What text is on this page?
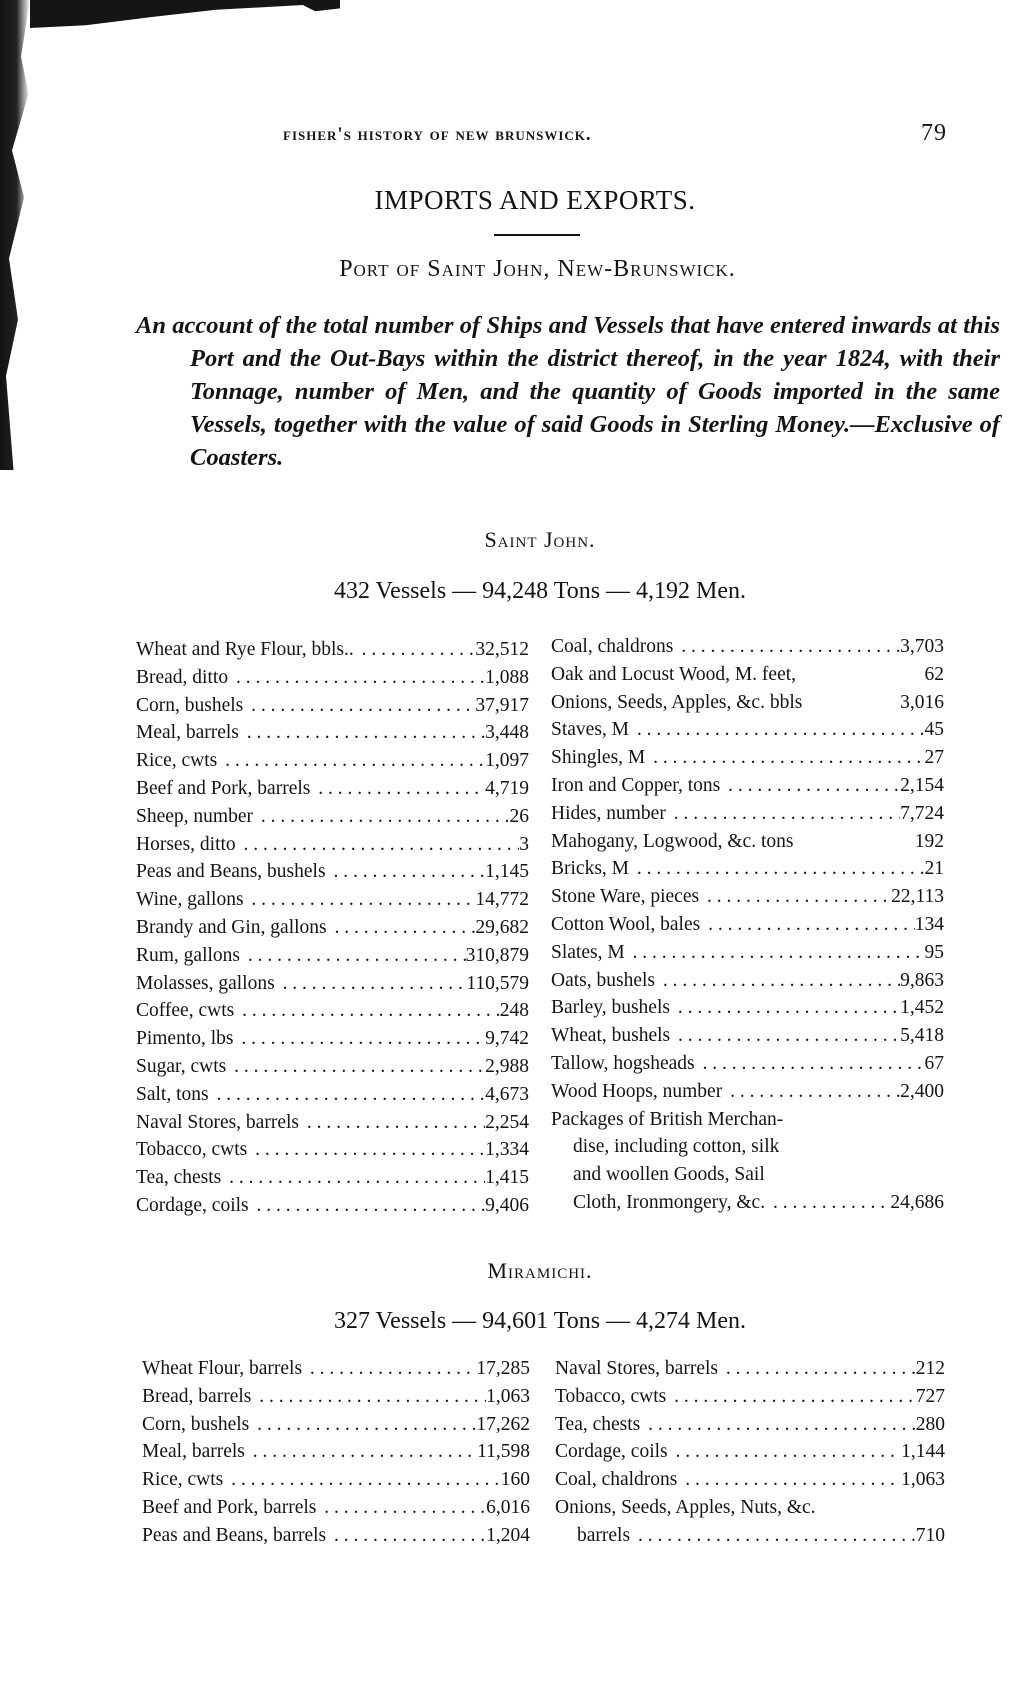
fisher's history of new brunswick.	79
IMPORTS AND EXPORTS.
Port of Saint John, New-Brunswick.
An account of the total number of Ships and Vessels that have entered inwards at this Port and the Out-Bays within the district thereof, in the year 1824, with their Tonnage, number of Men, and the quantity of Goods imported in the same Vessels, together with the value of said Goods in Sterling Money.—Exclusive of Coasters.
Saint John.
432 Vessels — 94,248 Tons — 4,192 Men.
Wheat and Rye Flour, bbls.. . . .	32,512
Bread, ditto . . .	1,088
Corn, bushels . . .	37,917
Meal, barrels . . .	3,448
Rice, cwts . . .	1,097
Beef and Pork, barrels . . .	4,719
Sheep, number . . .	26
Horses, ditto . . .	3
Peas and Beans, bushels . . .	1,145
Wine, gallons . . .	14,772
Brandy and Gin, gallons . . .	29,682
Rum, gallons . . .	310,879
Molasses, gallons . . .	110,579
Coffee, cwts . . .	248
Pimento, lbs . . .	9,742
Sugar, cwts . . .	2,988
Salt, tons . . .	4,673
Naval Stores, barrels . . .	2,254
Tobacco, cwts . . .	1,334
Tea, chests . . .	1,415
Cordage, coils . . .	9,406
Coal, chaldrons . . .	3,703
Oak and Locust Wood, M. feet,	62
Onions, Seeds, Apples, &c. bbls	3,016
Staves, M . . .	45
Shingles, M . . .	27
Iron and Copper, tons . . .	2,154
Hides, number . . .	7,724
Mahogany, Logwood, &c. tons	192
Bricks, M . . .	21
Stone Ware, pieces . . .	22,113
Cotton Wool, bales . . .	134
Slates, M . . .	95
Oats, bushels . . .	9,863
Barley, bushels . . .	1,452
Wheat, bushels . . .	5,418
Tallow, hogsheads . . .	67
Wood Hoops, number . . .	2,400
Packages of British Merchan-
dise, including cotton, silk
and woollen Goods, Sail
Cloth, Ironmongery, &c. . . .	24,686
Miramichi.
327 Vessels — 94,601 Tons — 4,274 Men.
Wheat Flour, barrels . . .	17,285
Bread, barrels . . .	1,063
Corn, bushels . . .	17,262
Meal, barrels . . .	11,598
Rice, cwts . . .	160
Beef and Pork, barrels . . .	6,016
Peas and Beans, barrels . . .	1,204
Naval Stores, barrels . . .	212
Tobacco, cwts . . .	727
Tea, chests . . .	280
Cordage, coils . . .	1,144
Coal, chaldrons . . .	1,063
Onions, Seeds, Apples, Nuts, &c.
barrels . . .	710
